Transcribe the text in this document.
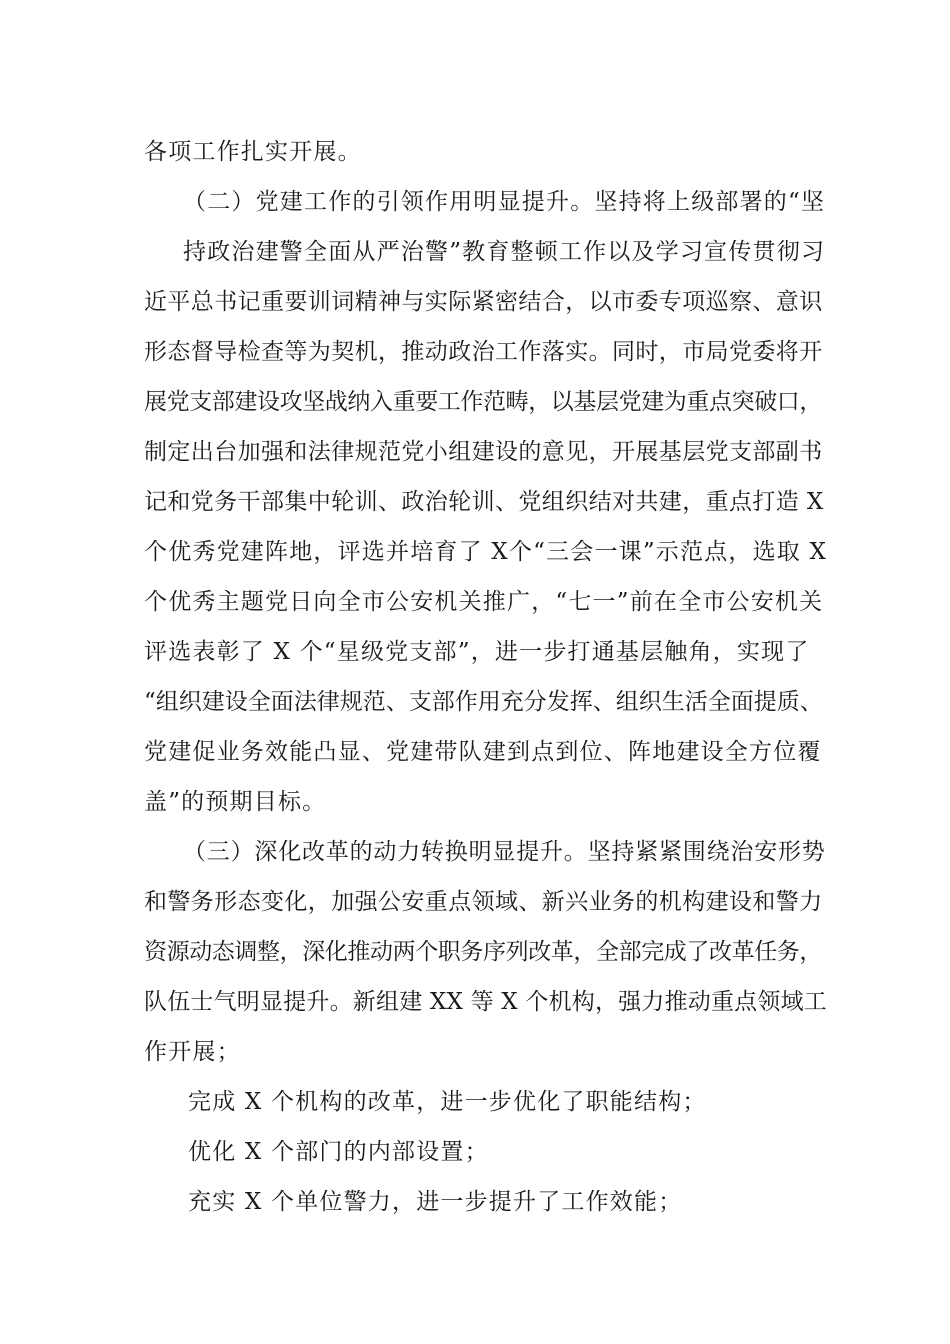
各项工作扎实开展。
（二）党建工作的引领作用明显提升。坚持将上级部署的“坚
持政治建警全面从严治警”教育整顿工作以及学习宣传贯彻习
近平总书记重要训词精神与实际紧密结合，以市委专项巡察、意识
形态督导检查等为契机，推动政治工作落实。同时，市局党委将开
展党支部建设攻坚战纳入重要工作范畴，以基层党建为重点突破口，
制定出台加强和法律规范党小组建设的意见，开展基层党支部副书
记和党务干部集中轮训、政治轮训、党组织结对共建，重点打造 X
个优秀党建阵地，评选并培育了 X个“三会一课”示范点，选取 X
个优秀主题党日向全市公安机关推广，“七一”前在全市公安机关
评选表彰了 X 个“星级党支部”，进一步打通基层触角，实现了
“组织建设全面法律规范、支部作用充分发挥、组织生活全面提质、
党建促业务效能凸显、党建带队建到点到位、阵地建设全方位覆
盖”的预期目标。
（三）深化改革的动力转换明显提升。坚持紧紧围绕治安形势
和警务形态变化，加强公安重点领域、新兴业务的机构建设和警力
资源动态调整，深化推动两个职务序列改革，全部完成了改革任务，
队伍士气明显提升。新组建 XX 等 X 个机构，强力推动重点领域工
作开展；
完成 X 个机构的改革，进一步优化了职能结构；
优化 X 个部门的内部设置；
充实 X 个单位警力，进一步提升了工作效能；
